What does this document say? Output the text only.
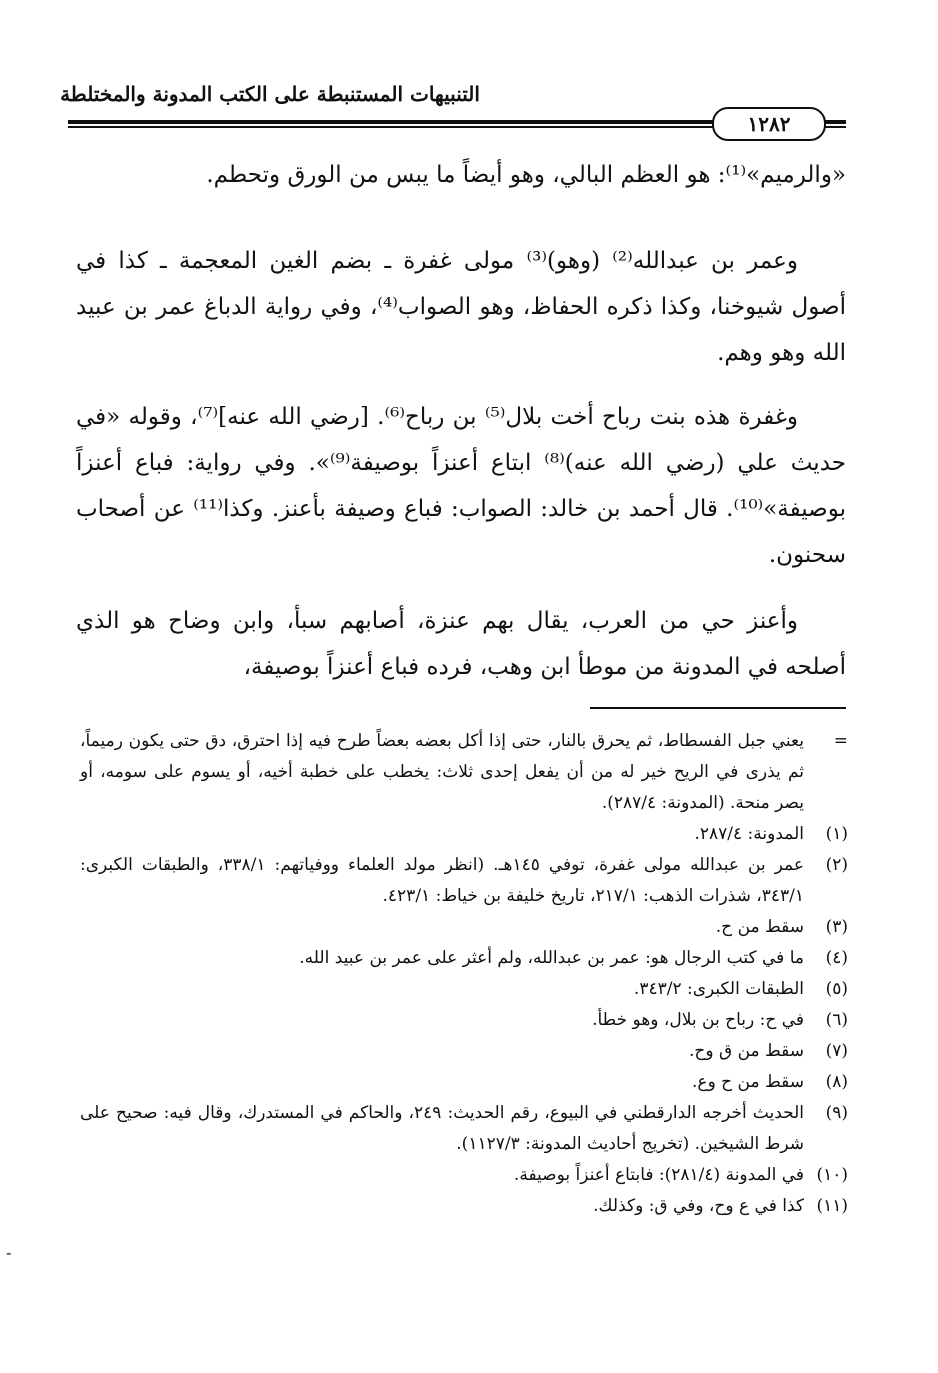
التنبيهات المستنبطة على الكتب المدونة والمختلطة
١٢٨٢

«والرميم»⁽¹⁾: هو العظم البالي، وهو أيضاً ما يبس من الورق وتحطم.

وعمر بن عبدالله⁽²⁾ (وهو)⁽³⁾ مولى غفرة ـ بضم الغين المعجمة ـ كذا في أصول شيوخنا، وكذا ذكره الحفاظ، وهو الصواب⁽⁴⁾، وفي رواية الدباغ عمر بن عبيد الله وهو وهم.

وغفرة هذه بنت رباح أخت بلال⁽⁵⁾ بن رباح⁽⁶⁾. [رضي الله عنه]⁽⁷⁾، وقوله «في حديث علي (رضي الله عنه)⁽⁸⁾ ابتاع أعنزاً بوصيفة⁽⁹⁾». وفي رواية: فباع أعنزاً بوصيفة»⁽¹⁰⁾. قال أحمد بن خالد: الصواب: فباع وصيفة بأعنز. وكذا⁽¹¹⁾ عن أصحاب سحنون.

وأعنز حي من العرب، يقال بهم عنزة، أصابهم سبأ، وابن وضاح هو الذي أصلحه في المدونة من موطأ ابن وهب، فرده فباع أعنزاً بوصيفة،

=
يعني جبل الفسطاط، ثم يحرق بالنار، حتى إذا أكل بعضه بعضاً طرح فيه إذا احترق، دق حتى يكون رميماً، ثم يذرى في الريح خير له من أن يفعل إحدى ثلاث: يخطب على خطبة أخيه، أو يسوم على سومه، أو يصر منحة. (المدونة: ٢٨٧/٤).
(١)
المدونة: ٢٨٧/٤.
(٢)
عمر بن عبدالله مولى غفرة، توفي ١٤٥هـ. (انظر مولد العلماء ووفياتهم: ٣٣٨/١، والطبقات الكبرى: ٣٤٣/١، شذرات الذهب: ٢١٧/١، تاريخ خليفة بن خياط: ٤٢٣/١.
(٣)
سقط من ح.
(٤)
ما في كتب الرجال هو: عمر بن عبدالله، ولم أعثر على عمر بن عبيد الله.
(٥)
الطبقات الكبرى: ٣٤٣/٢.
(٦)
في ح: رباح بن بلال، وهو خطأ.
(٧)
سقط من ق وح.
(٨)
سقط من ح وع.
(٩)
الحديث أخرجه الدارقطني في البيوع، رقم الحديث: ٢٤٩، والحاكم في المستدرك، وقال فيه: صحيح على شرط الشيخين. (تخريج أحاديث المدونة: ١١٢٧/٣).
(١٠)
في المدونة (٢٨١/٤): فابتاع أعنزاً بوصيفة.
(١١)
كذا في ع وح، وفي ق: وكذلك.
-
